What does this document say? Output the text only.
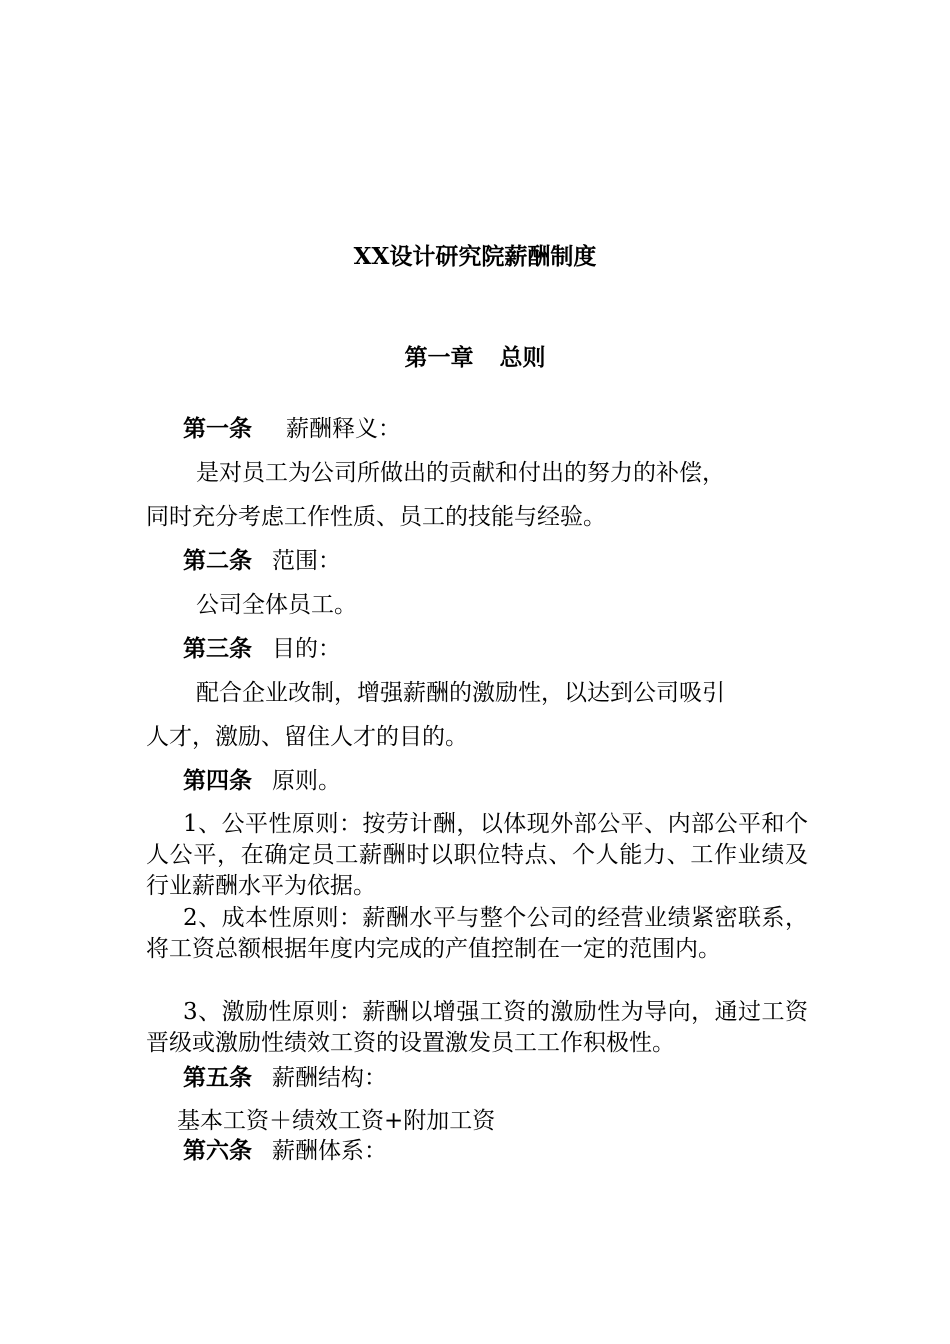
XX设计研究院薪酬制度
第一章 总则
第一条 薪酬释义：
是对员工为公司所做出的贡献和付出的努力的补偿，
同时充分考虑工作性质、员工的技能与经验。
第二条 范围：
公司全体员工。
第三条 目的：
配合企业改制，增强薪酬的激励性，以达到公司吸引
人才，激励、留住人才的目的。
第四条 原则。
1、公平性原则：按劳计酬，以体现外部公平、内部公平和个人公平，在确定员工薪酬时以职位特点、个人能力、工作业绩及行业薪酬水平为依据。
2、成本性原则：薪酬水平与整个公司的经营业绩紧密联系，将工资总额根据年度内完成的产值控制在一定的范围内。
3、激励性原则：薪酬以增强工资的激励性为导向，通过工资晋级或激励性绩效工资的设置激发员工工作积极性。
第五条 薪酬结构：
基本工资＋绩效工资+附加工资
第六条 薪酬体系：
